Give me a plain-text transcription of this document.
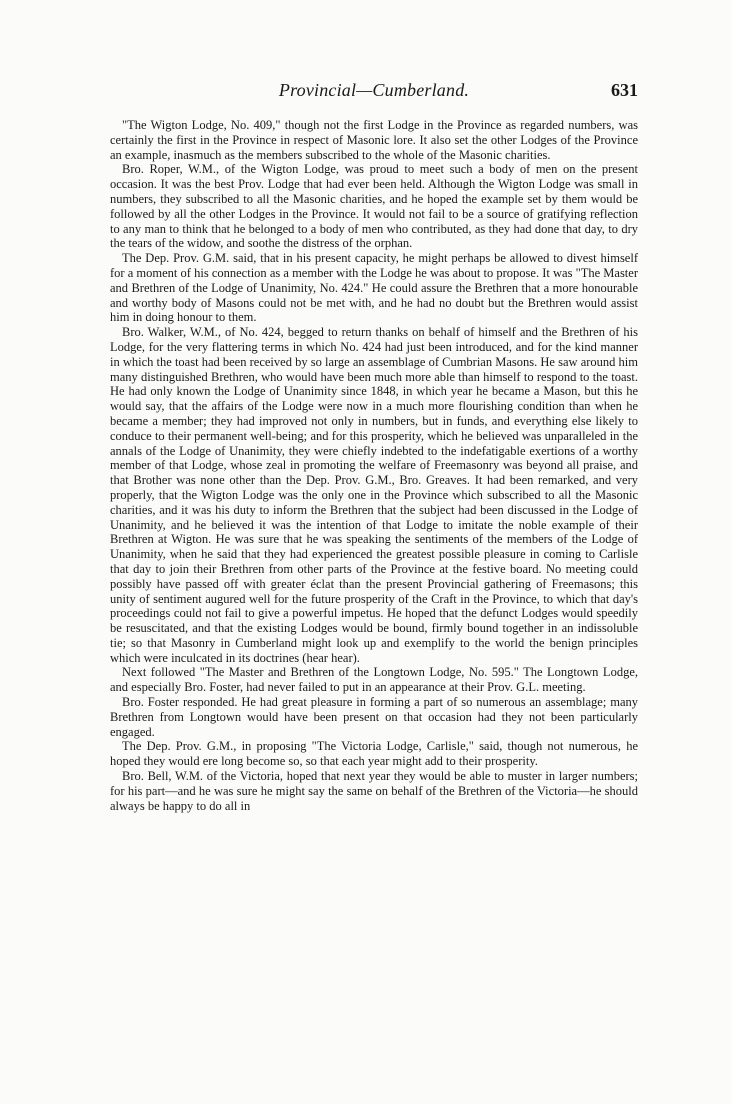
Provincial—Cumberland.	631

"The Wigton Lodge, No. 409," though not the first Lodge in the Province as regarded numbers, was certainly the first in the Province in respect of Masonic lore. It also set the other Lodges of the Province an example, inasmuch as the members subscribed to the whole of the Masonic charities.

Bro. Roper, W.M., of the Wigton Lodge, was proud to meet such a body of men on the present occasion. It was the best Prov. Lodge that had ever been held. Although the Wigton Lodge was small in numbers, they subscribed to all the Masonic charities, and he hoped the example set by them would be followed by all the other Lodges in the Province. It would not fail to be a source of gratifying reflection to any man to think that he belonged to a body of men who contributed, as they had done that day, to dry the tears of the widow, and soothe the distress of the orphan.

The Dep. Prov. G.M. said, that in his present capacity, he might perhaps be allowed to divest himself for a moment of his connection as a member with the Lodge he was about to propose. It was "The Master and Brethren of the Lodge of Unanimity, No. 424." He could assure the Brethren that a more honourable and worthy body of Masons could not be met with, and he had no doubt but the Brethren would assist him in doing honour to them.

Bro. Walker, W.M., of No. 424, begged to return thanks on behalf of himself and the Brethren of his Lodge, for the very flattering terms in which No. 424 had just been introduced, and for the kind manner in which the toast had been received by so large an assemblage of Cumbrian Masons. He saw around him many distinguished Brethren, who would have been much more able than himself to respond to the toast. He had only known the Lodge of Unanimity since 1848, in which year he became a Mason, but this he would say, that the affairs of the Lodge were now in a much more flourishing condition than when he became a member; they had improved not only in numbers, but in funds, and everything else likely to conduce to their permanent well-being; and for this prosperity, which he believed was unparalleled in the annals of the Lodge of Unanimity, they were chiefly indebted to the indefatigable exertions of a worthy member of that Lodge, whose zeal in promoting the welfare of Freemasonry was beyond all praise, and that Brother was none other than the Dep. Prov. G.M., Bro. Greaves. It had been remarked, and very properly, that the Wigton Lodge was the only one in the Province which subscribed to all the Masonic charities, and it was his duty to inform the Brethren that the subject had been discussed in the Lodge of Unanimity, and he believed it was the intention of that Lodge to imitate the noble example of their Brethren at Wigton. He was sure that he was speaking the sentiments of the members of the Lodge of Unanimity, when he said that they had experienced the greatest possible pleasure in coming to Carlisle that day to join their Brethren from other parts of the Province at the festive board. No meeting could possibly have passed off with greater éclat than the present Provincial gathering of Freemasons; this unity of sentiment augured well for the future prosperity of the Craft in the Province, to which that day's proceedings could not fail to give a powerful impetus. He hoped that the defunct Lodges would speedily be resuscitated, and that the existing Lodges would be bound, firmly bound together in an indissoluble tie; so that Masonry in Cumberland might look up and exemplify to the world the benign principles which were inculcated in its doctrines (hear hear).

Next followed "The Master and Brethren of the Longtown Lodge, No. 595." The Longtown Lodge, and especially Bro. Foster, had never failed to put in an appearance at their Prov. G.L. meeting.

Bro. Foster responded. He had great pleasure in forming a part of so numerous an assemblage; many Brethren from Longtown would have been present on that occasion had they not been particularly engaged.

The Dep. Prov. G.M., in proposing "The Victoria Lodge, Carlisle," said, though not numerous, he hoped they would ere long become so, so that each year might add to their prosperity.

Bro. Bell, W.M. of the Victoria, hoped that next year they would be able to muster in larger numbers; for his part—and he was sure he might say the same on behalf of the Brethren of the Victoria—he should always be happy to do all in
